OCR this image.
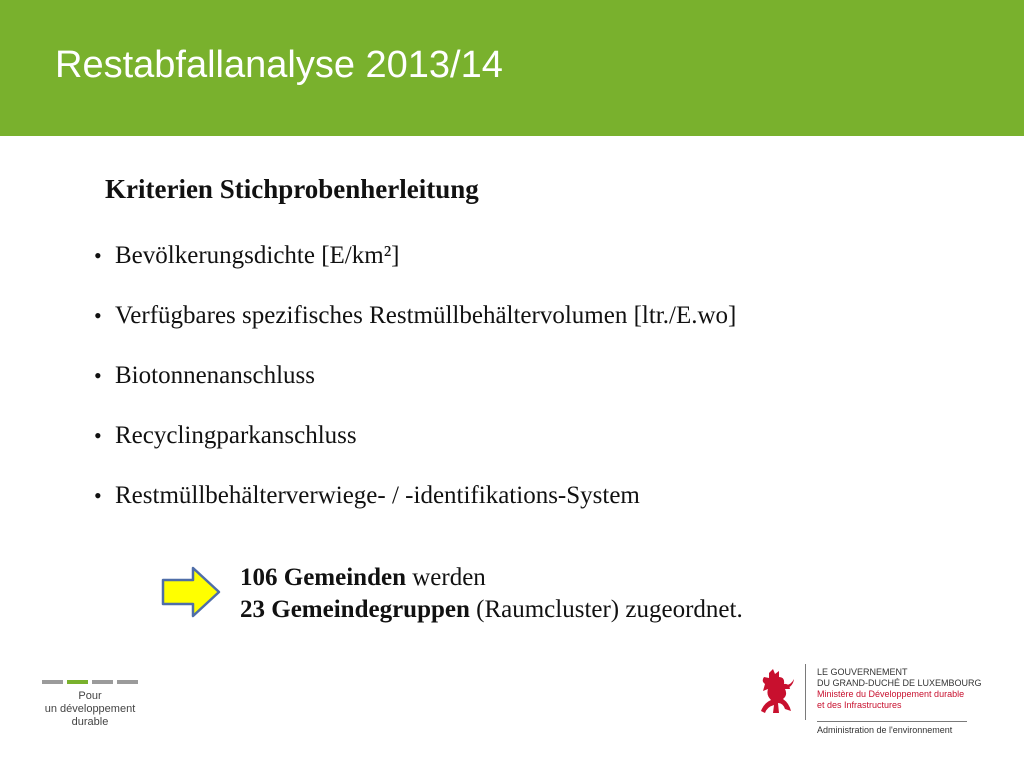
Restabfallanalyse 2013/14
Kriterien Stichprobenherleitung
• Bevölkerungsdichte [E/km²]
• Verfügbares spezifisches Restmüllbehältervolumen [ltr./E.wo]
• Biotonnenanschluss
• Recyclingparkanschluss
• Restmüllbehälterverwiege- / -identifikations-System
106 Gemeinden werden
23 Gemeindegruppen (Raumcluster) zugeordnet.
Pour
un développement
durable
LE GOUVERNEMENT
DU GRAND-DUCHÉ DE LUXEMBOURG
Ministère du Développement durable
et des Infrastructures
Administration de l'environnement
